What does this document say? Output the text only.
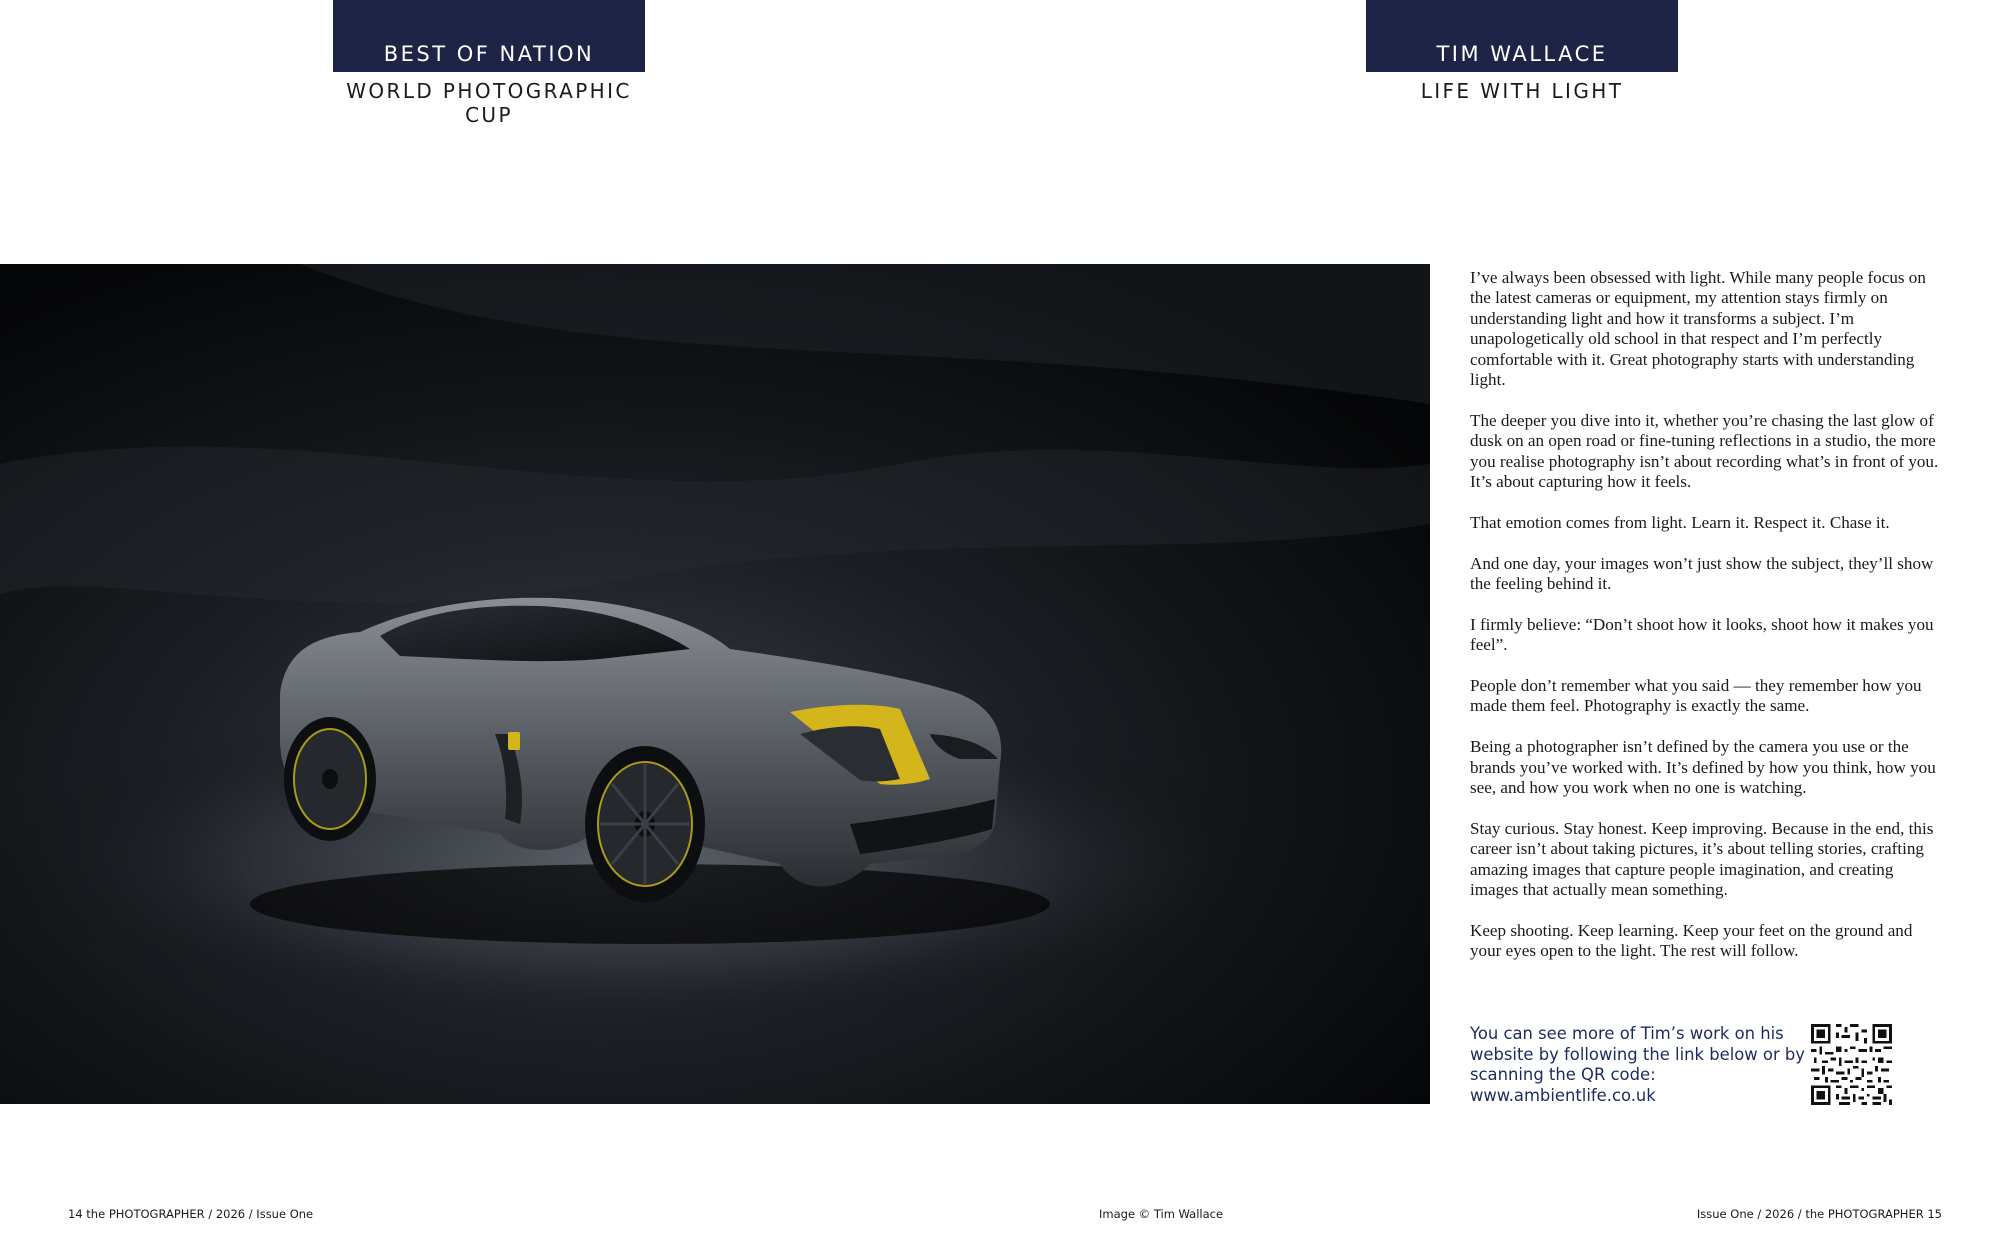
BEST OF NATION
WORLD PHOTOGRAPHIC CUP
TIM WALLACE
LIFE WITH LIGHT

I’ve always been obsessed with light. While many people focus on the latest cameras or equipment, my attention stays firmly on understanding light and how it transforms a subject. I’m unapologetically old school in that respect and I’m perfectly comfortable with it. Great photography starts with understanding light.

The deeper you dive into it, whether you’re chasing the last glow of dusk on an open road or fine-tuning reflections in a studio, the more you realise photography isn’t about recording what’s in front of you. It’s about capturing how it feels.

That emotion comes from light. Learn it. Respect it. Chase it.

And one day, your images won’t just show the subject, they’ll show the feeling behind it.

I firmly believe: “Don’t shoot how it looks, shoot how it makes you feel”.

People don’t remember what you said — they remember how you made them feel. Photography is exactly the same.

Being a photographer isn’t defined by the camera you use or the brands you’ve worked with. It’s defined by how you think, how you see, and how you work when no one is watching.

Stay curious. Stay honest. Keep improving. Because in the end, this career isn’t about taking pictures, it’s about telling stories, crafting amazing images that capture people imagination, and creating images that actually mean something.

Keep shooting. Keep learning. Keep your feet on the ground and your eyes open to the light. The rest will follow.

You can see more of Tim’s work on his
website by following the link below or by
scanning the QR code:
www.ambientlife.co.uk
14 the PHOTOGRAPHER / 2026 / Issue One	Image © Tim Wallace	Issue One / 2026 / the PHOTOGRAPHER 15
